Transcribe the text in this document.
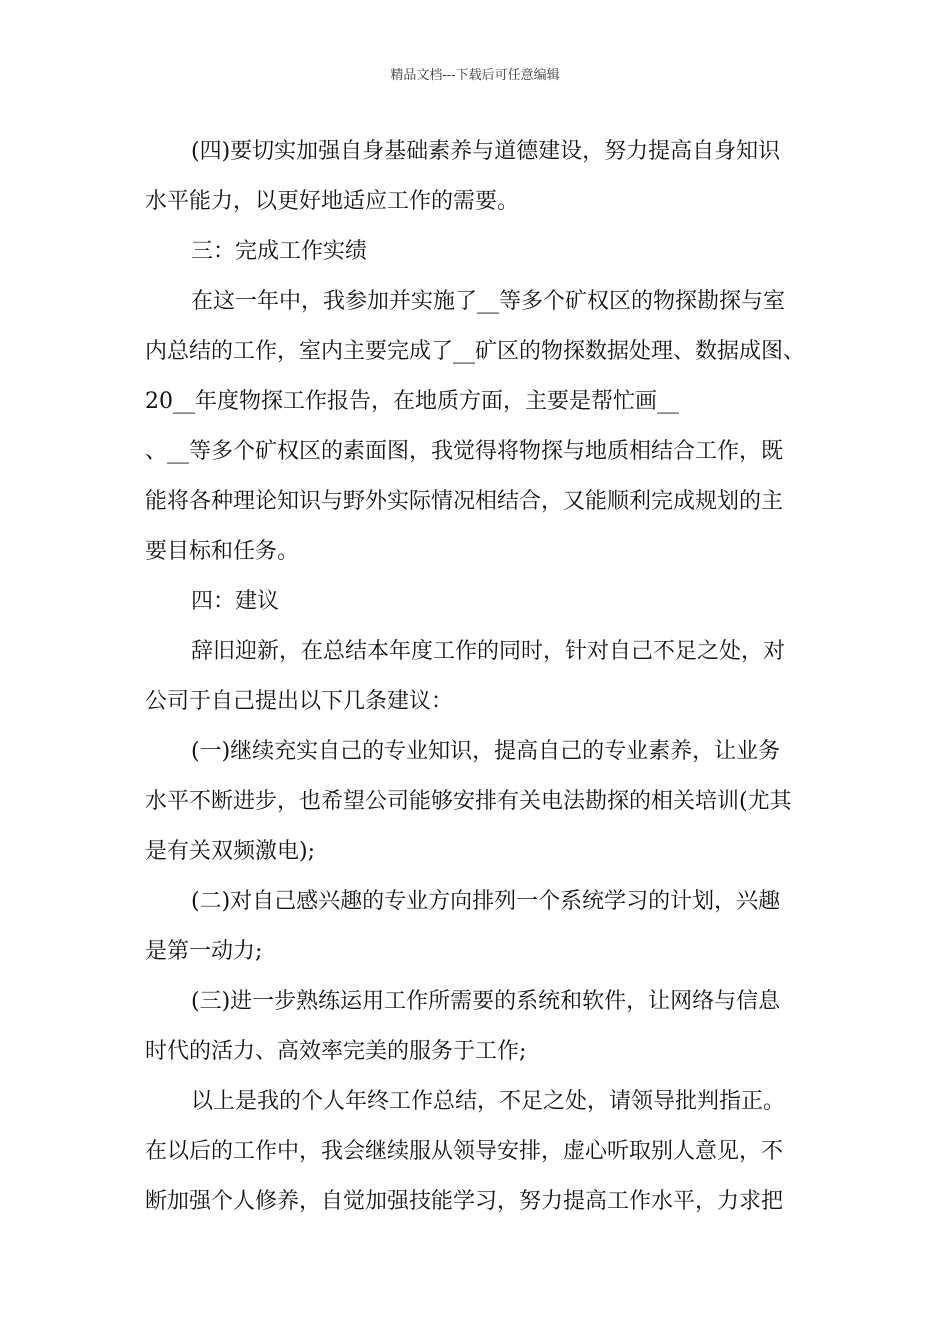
精品文档---下载后可任意编辑
(四)要切实加强自身基础素养与道德建设，努力提高自身知识
水平能力，以更好地适应工作的需要。
三：完成工作实绩
在这一年中，我参加并实施了__等多个矿权区的物探勘探与室
内总结的工作，室内主要完成了__矿区的物探数据处理、数据成图、
20__年度物探工作报告，在地质方面，主要是帮忙画__
、__等多个矿权区的素面图，我觉得将物探与地质相结合工作，既
能将各种理论知识与野外实际情况相结合，又能顺利完成规划的主
要目标和任务。
四：建议
辞旧迎新，在总结本年度工作的同时，针对自己不足之处，对
公司于自己提出以下几条建议：
(一)继续充实自己的专业知识，提高自己的专业素养，让业务
水平不断进步，也希望公司能够安排有关电法勘探的相关培训(尤其
是有关双频激电);
(二)对自己感兴趣的专业方向排列一个系统学习的计划，兴趣
是第一动力;
(三)进一步熟练运用工作所需要的系统和软件，让网络与信息
时代的活力、高效率完美的服务于工作;
以上是我的个人年终工作总结，不足之处，请领导批判指正。
在以后的工作中，我会继续服从领导安排，虚心听取别人意见，不
断加强个人修养，自觉加强技能学习，努力提高工作水平，力求把
